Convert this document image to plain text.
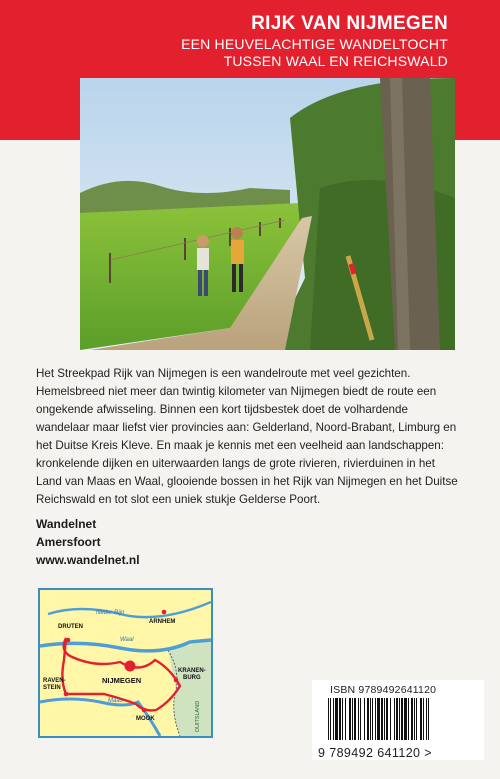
RIJK VAN NIJMEGEN
EEN HEUVELACHTIGE WANDELTOCHT
TUSSEN WAAL EN REICHSWALD
Het Streekpad Rijk van Nijmegen is een wandelroute met veel gezichten. Hemelsbreed niet meer dan twintig kilometer van Nijmegen biedt de route een ongekende afwisseling. Binnen een kort tijdsbestek doet de volhardende wandelaar maar liefst vier provincies aan: Gelderland, Noord-Brabant, Limburg en het Duitse Kreis Kleve. En maak je kennis met een veelheid aan landschappen: kronkelende dijken en uiterwaarden langs de grote rivieren, rivierduinen in het Land van Maas en Waal, glooiende bossen in het Rijk van Nijmegen en het Duitse Reichswald en tot slot een uniek stukje Gelderse Poort.
Wandelnet
Amersfoort
www.wandelnet.nl
ARNHEM
Neder Rijn
DRUTEN
Waal
NIJMEGEN
RAVEN-
STEIN
KRANEN-
BURG
Maas
MOOK	DUITSLAND
ISBN 9789492641120
9 789492 641120 >
